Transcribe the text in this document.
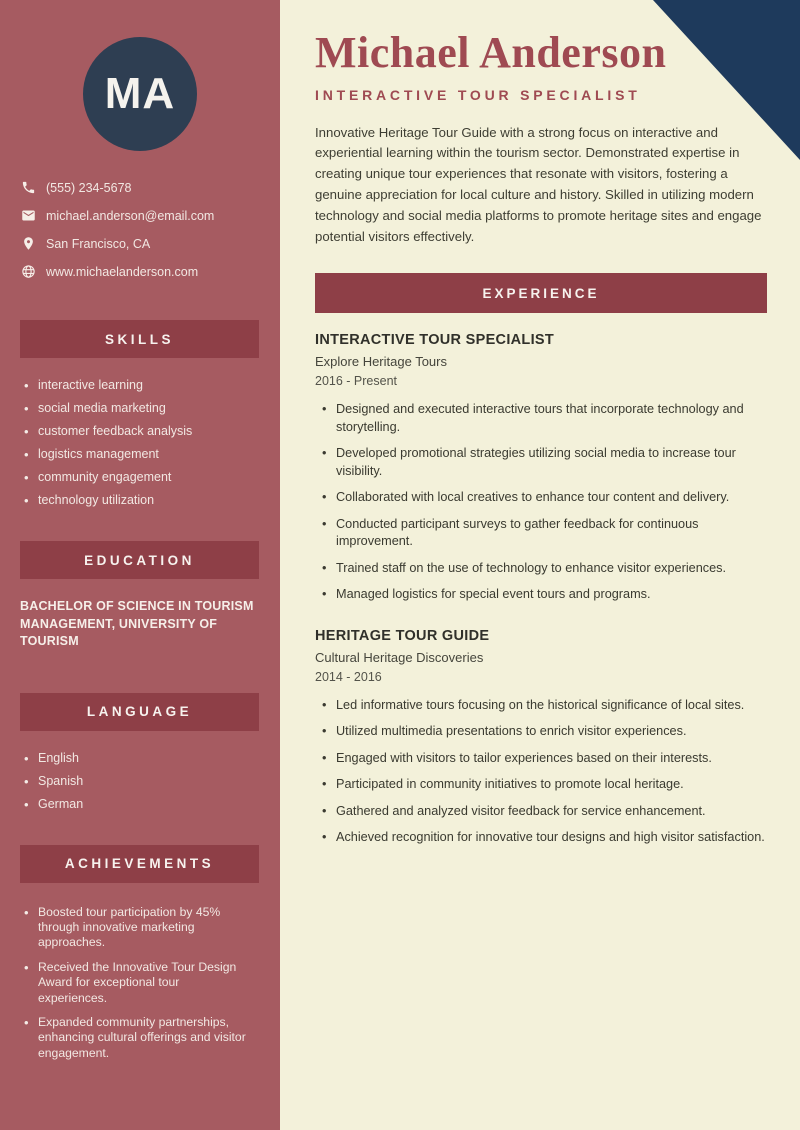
MA
(555) 234-5678
michael.anderson@email.com
San Francisco, CA
www.michaelanderson.com
SKILLS
• interactive learning
• social media marketing
• customer feedback analysis
• logistics management
• community engagement
• technology utilization
EDUCATION

BACHELOR OF SCIENCE IN TOURISM MANAGEMENT, UNIVERSITY OF TOURISM

LANGUAGE
• English
• Spanish
• German
ACHIEVEMENTS
• Boosted tour participation by 45% through innovative marketing approaches.
• Received the Innovative Tour Design Award for exceptional tour experiences.
• Expanded community partnerships, enhancing cultural offerings and visitor engagement.
Michael Anderson
INTERACTIVE TOUR SPECIALIST

Innovative Heritage Tour Guide with a strong focus on interactive and experiential learning within the tourism sector. Demonstrated expertise in creating unique tour experiences that resonate with visitors, fostering a genuine appreciation for local culture and history. Skilled in utilizing modern technology and social media platforms to promote heritage sites and engage potential visitors effectively.

EXPERIENCE
INTERACTIVE TOUR SPECIALIST
Explore Heritage Tours
2016 - Present
• Designed and executed interactive tours that incorporate technology and storytelling.
• Developed promotional strategies utilizing social media to increase tour visibility.
• Collaborated with local creatives to enhance tour content and delivery.
• Conducted participant surveys to gather feedback for continuous improvement.
• Trained staff on the use of technology to enhance visitor experiences.
• Managed logistics for special event tours and programs.
HERITAGE TOUR GUIDE
Cultural Heritage Discoveries
2014 - 2016
• Led informative tours focusing on the historical significance of local sites.
• Utilized multimedia presentations to enrich visitor experiences.
• Engaged with visitors to tailor experiences based on their interests.
• Participated in community initiatives to promote local heritage.
• Gathered and analyzed visitor feedback for service enhancement.
• Achieved recognition for innovative tour designs and high visitor satisfaction.
